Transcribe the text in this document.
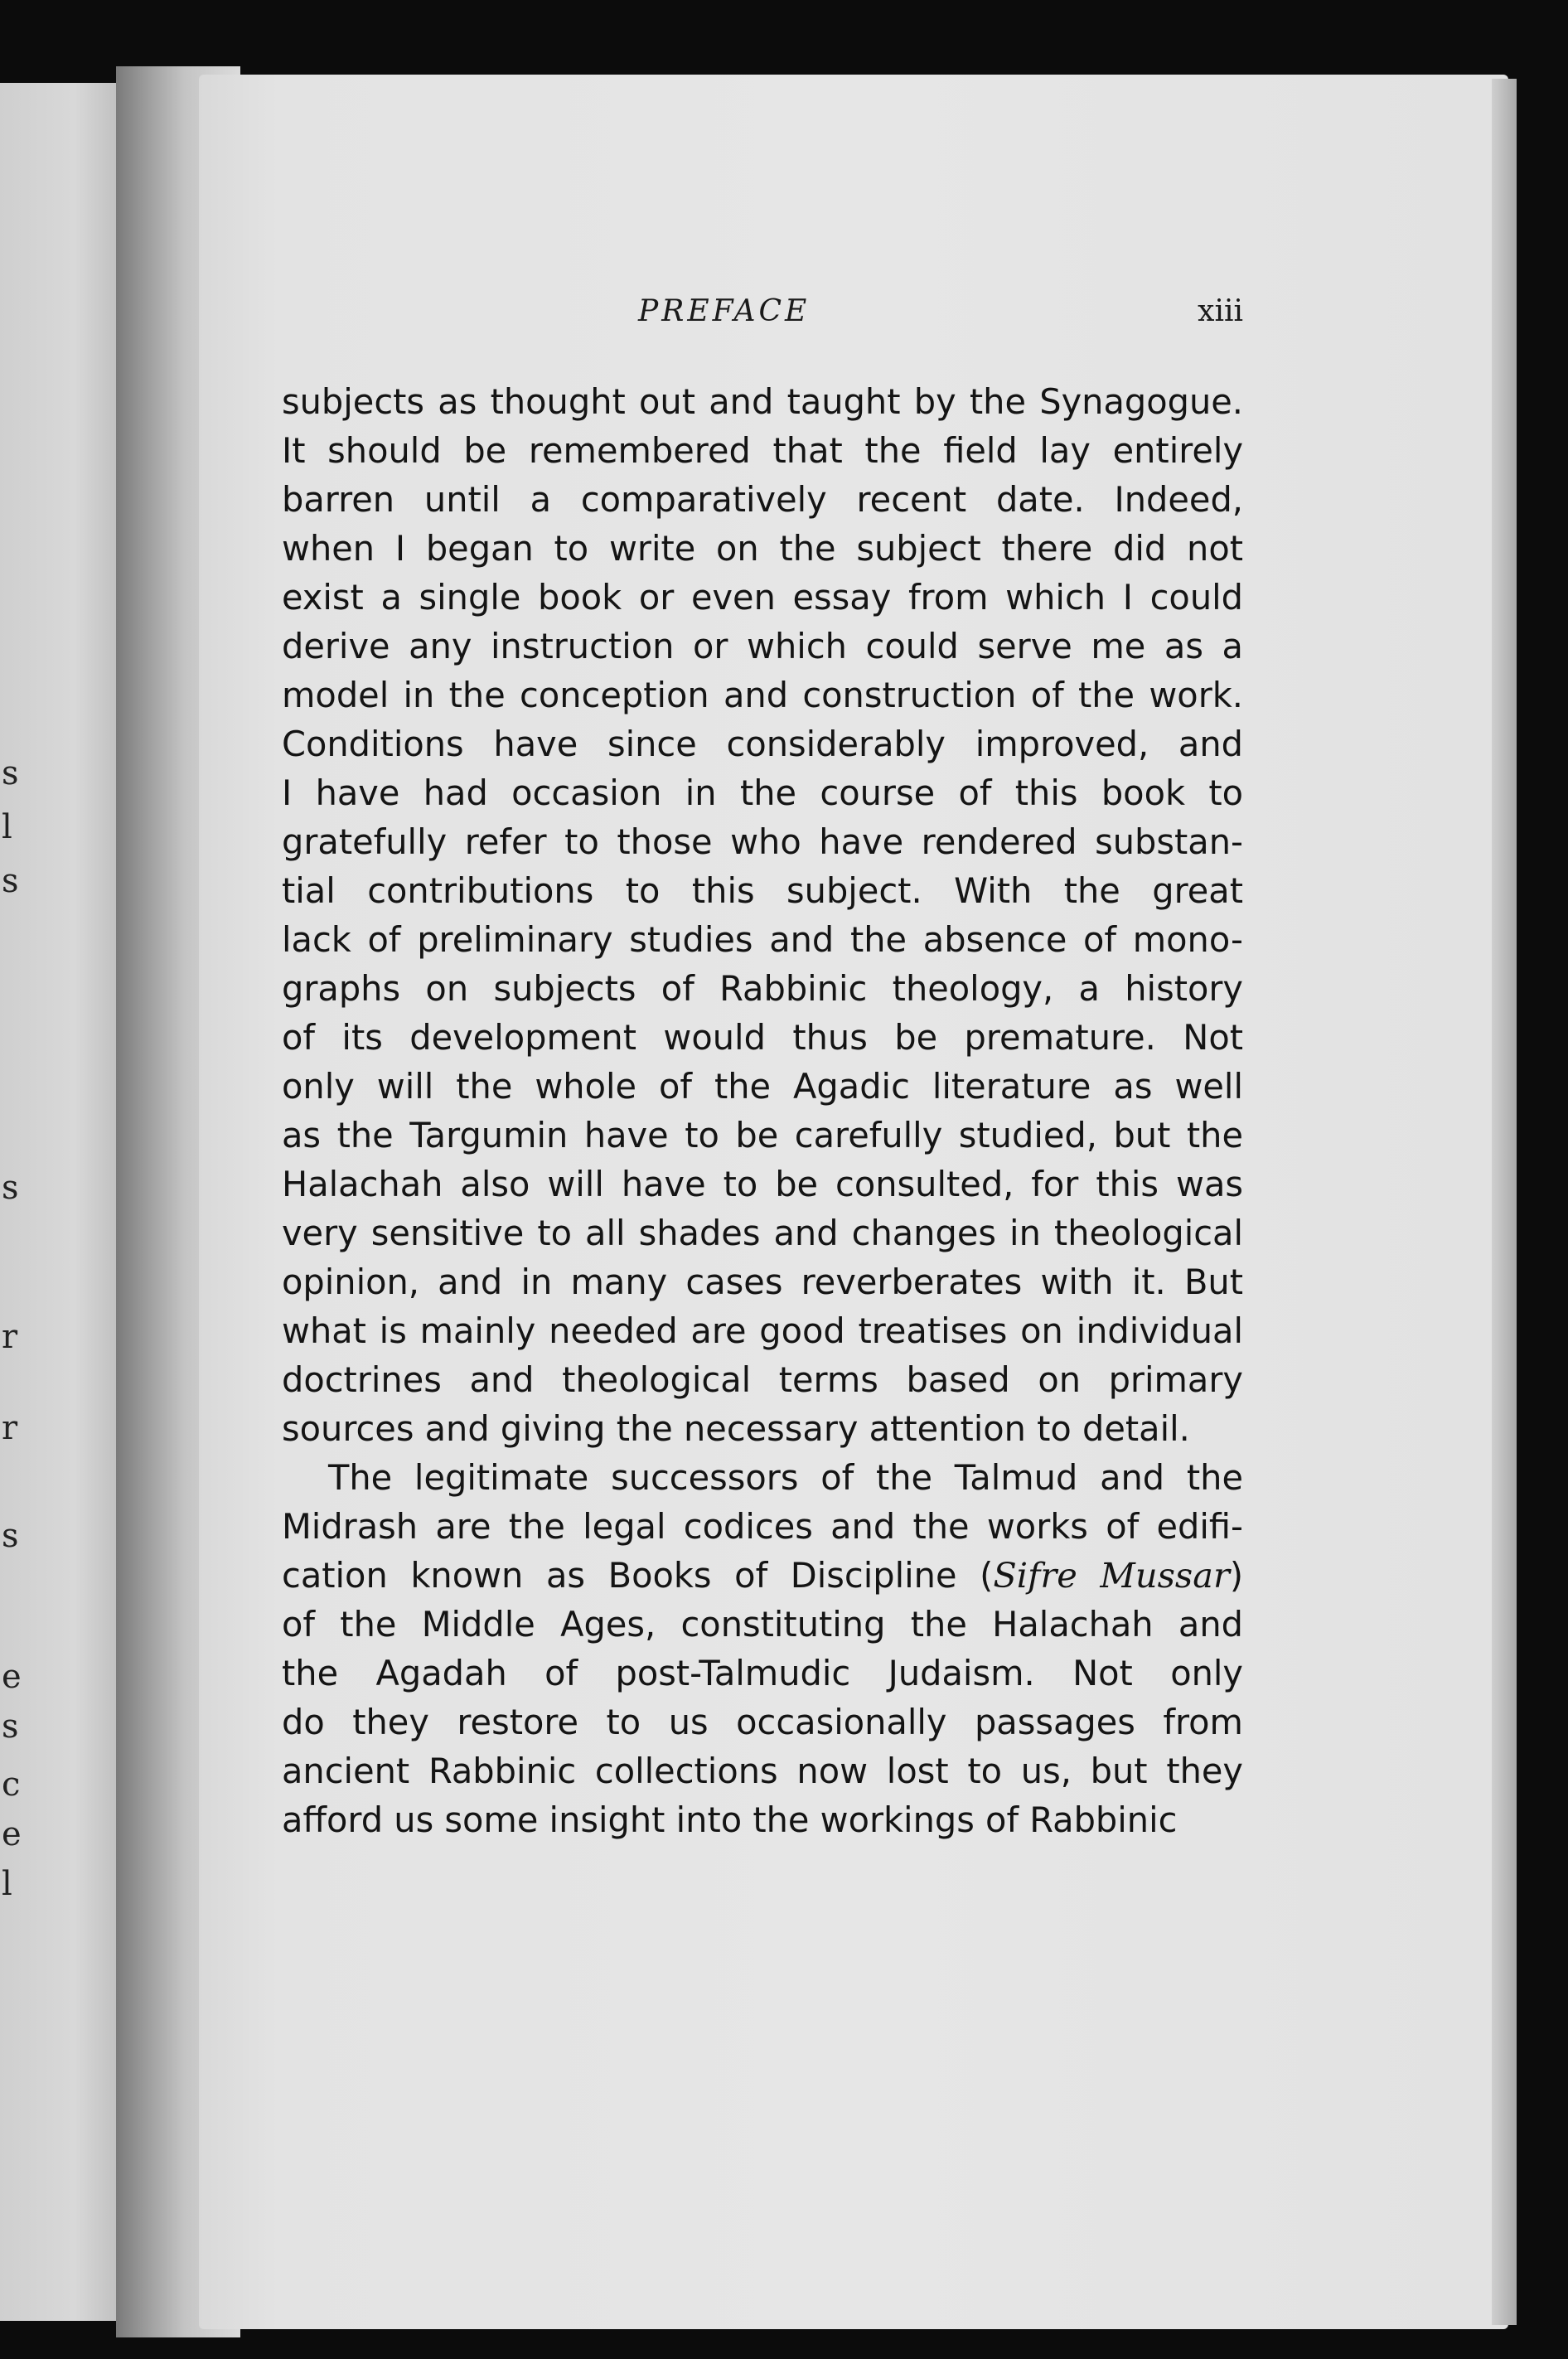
s
l
s
s
r
r
s
e
s
c
e
l
PREFACE	xiii

subjects as thought out and taught by the Synagogue.
It should be remembered that the field lay entirely
barren until a comparatively recent date. Indeed,
when I began to write on the subject there did not
exist a single book or even essay from which I could
derive any instruction or which could serve me as a
model in the conception and construction of the work.
Conditions have since considerably improved, and
I have had occasion in the course of this book to
gratefully refer to those who have rendered substan-
tial contributions to this subject. With the great
lack of preliminary studies and the absence of mono-
graphs on subjects of Rabbinic theology, a history
of its development would thus be premature. Not
only will the whole of the Agadic literature as well
as the Targumin have to be carefully studied, but the
Halachah also will have to be consulted, for this was
very sensitive to all shades and changes in theological
opinion, and in many cases reverberates with it. But
what is mainly needed are good treatises on individual
doctrines and theological terms based on primary
sources and giving the necessary attention to detail.

The legitimate successors of the Talmud and the
Midrash are the legal codices and the works of edifi-
cation known as Books of Discipline (Sifre Mussar)
of the Middle Ages, constituting the Halachah and
the Agadah of post-Talmudic Judaism. Not only
do they restore to us occasionally passages from
ancient Rabbinic collections now lost to us, but they
afford us some insight into the workings of Rabbinic
